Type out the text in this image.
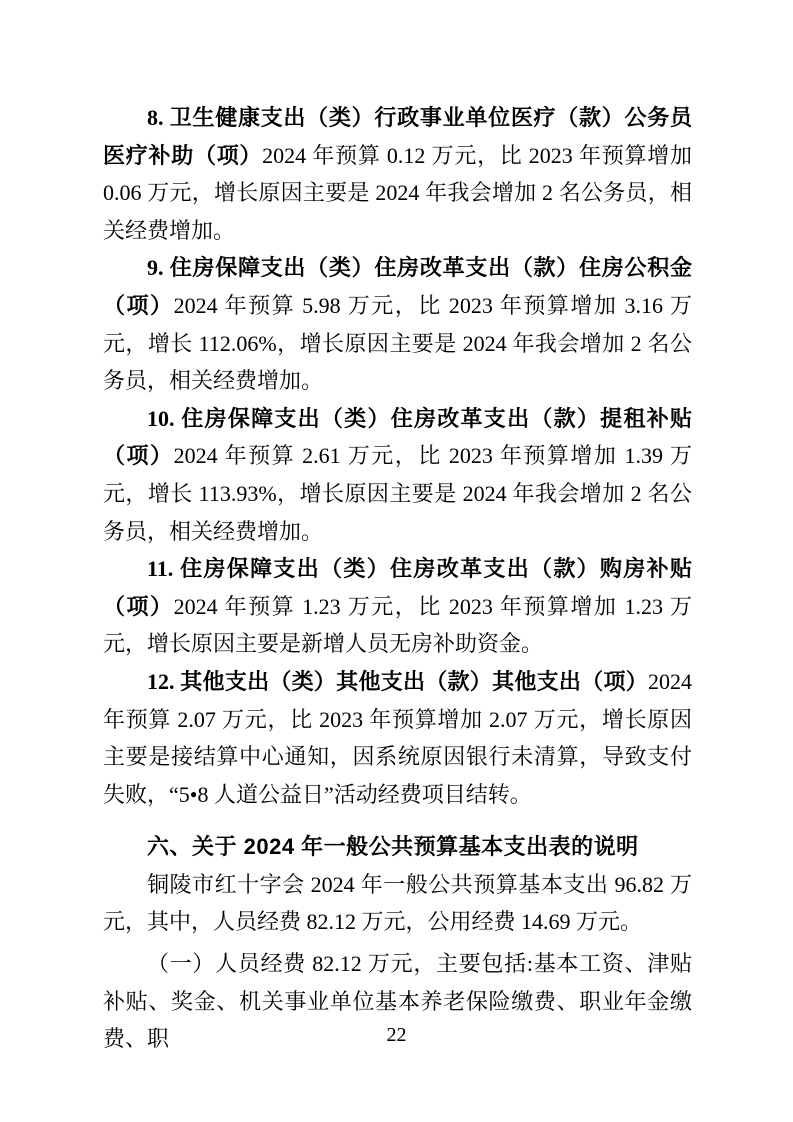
8. 卫生健康支出（类）行政事业单位医疗（款）公务员医疗补助（项）2024 年预算 0.12 万元，比 2023 年预算增加 0.06 万元，增长原因主要是 2024 年我会增加 2 名公务员，相关经费增加。

9. 住房保障支出（类）住房改革支出（款）住房公积金（项）2024 年预算 5.98 万元，比 2023 年预算增加 3.16 万元，增长 112.06%，增长原因主要是 2024 年我会增加 2 名公务员，相关经费增加。

10. 住房保障支出（类）住房改革支出（款）提租补贴（项）2024 年预算 2.61 万元，比 2023 年预算增加 1.39 万元，增长 113.93%，增长原因主要是 2024 年我会增加 2 名公务员，相关经费增加。

11. 住房保障支出（类）住房改革支出（款）购房补贴（项）2024 年预算 1.23 万元，比 2023 年预算增加 1.23 万元，增长原因主要是新增人员无房补助资金。

12. 其他支出（类）其他支出（款）其他支出（项）2024 年预算 2.07 万元，比 2023 年预算增加 2.07 万元，增长原因主要是接结算中心通知，因系统原因银行未清算，导致支付失败，“5•8 人道公益日”活动经费项目结转。

六、关于 2024 年一般公共预算基本支出表的说明

铜陵市红十字会 2024 年一般公共预算基本支出 96.82 万元，其中，人员经费 82.12 万元，公用经费 14.69 万元。

（一）人员经费 82.12 万元，主要包括:基本工资、津贴补贴、奖金、机关事业单位基本养老保险缴费、职业年金缴费、职	22
